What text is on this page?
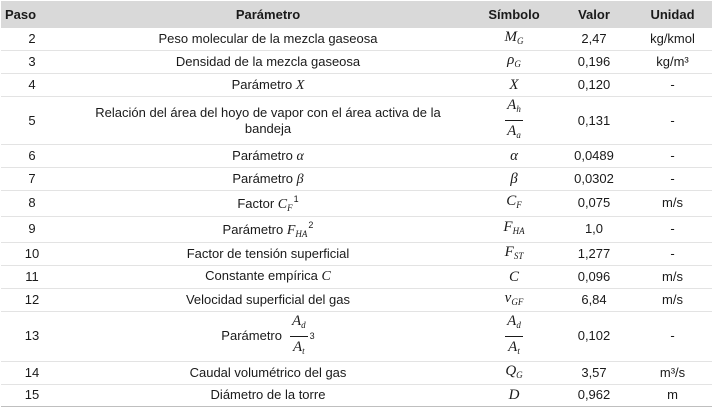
Paso	Parámetro	Símbolo	Valor	Unidad
2	Peso molecular de la mezcla gaseosa	$M_G$	2,47	kg/kmol
3	Densidad de la mezcla gaseosa	$\rho_G$	0,196	kg/m³
4	Parámetro X	X	0,120	-
5	Relación del área del hoyo de vapor con el área activa de la bandeja	$\frac{A_h}{A_a}$	0,131	-
6	Parámetro α	α	0,0489	-
7	Parámetro β	β	0,0302	-
8	Factor $C_F^1$	$C_F$	0,075	m/s
9	Parámetro $F_{HA}^2$	$F_{HA}$	1,0	-
10	Factor de tensión superficial	$F_{ST}$	1,277	-
11	Constante empírica C	C	0,096	m/s
12	Velocidad superficial del gas	$v_{GF}$	6,84	m/s
13	Parámetro $\frac{A_d}{A_t} 3$	$\frac{A_d}{A_t}$	0,102	-
14	Caudal volumétrico del gas	$Q_G$	3,57	m³/s
15	Diámetro de la torre	D	0,962	m
